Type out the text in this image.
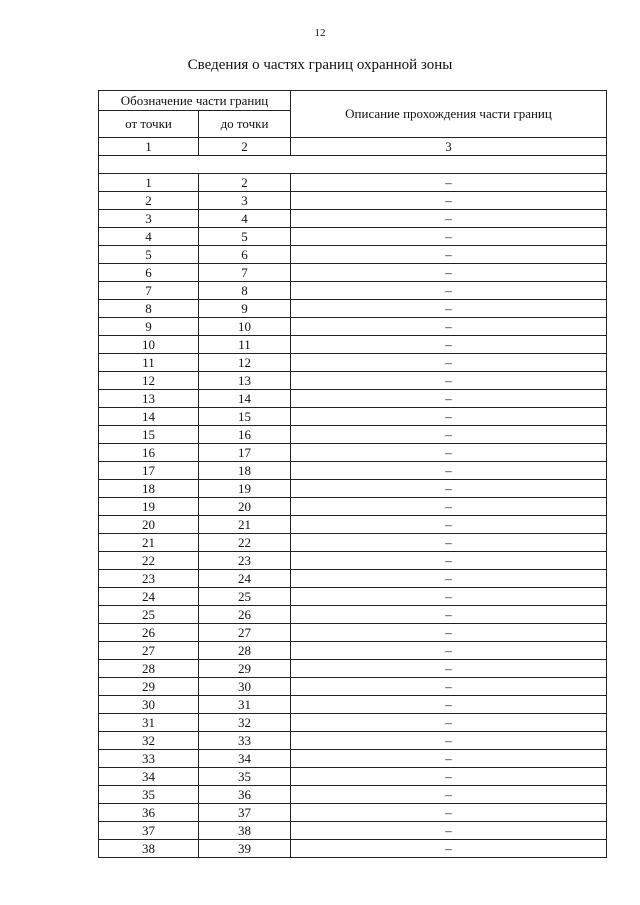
12
Сведения о частях границ охранной зоны
Обозначение части границ		Описание прохождения части границ
от точки	до точки	
1	2	3

1	2	–
2	3	–
3	4	–
4	5	–
5	6	–
6	7	–
7	8	–
8	9	–
9	10	–
10	11	–
11	12	–
12	13	–
13	14	–
14	15	–
15	16	–
16	17	–
17	18	–
18	19	–
19	20	–
20	21	–
21	22	–
22	23	–
23	24	–
24	25	–
25	26	–
26	27	–
27	28	–
28	29	–
29	30	–
30	31	–
31	32	–
32	33	–
33	34	–
34	35	–
35	36	–
36	37	–
37	38	–
38	39	–
